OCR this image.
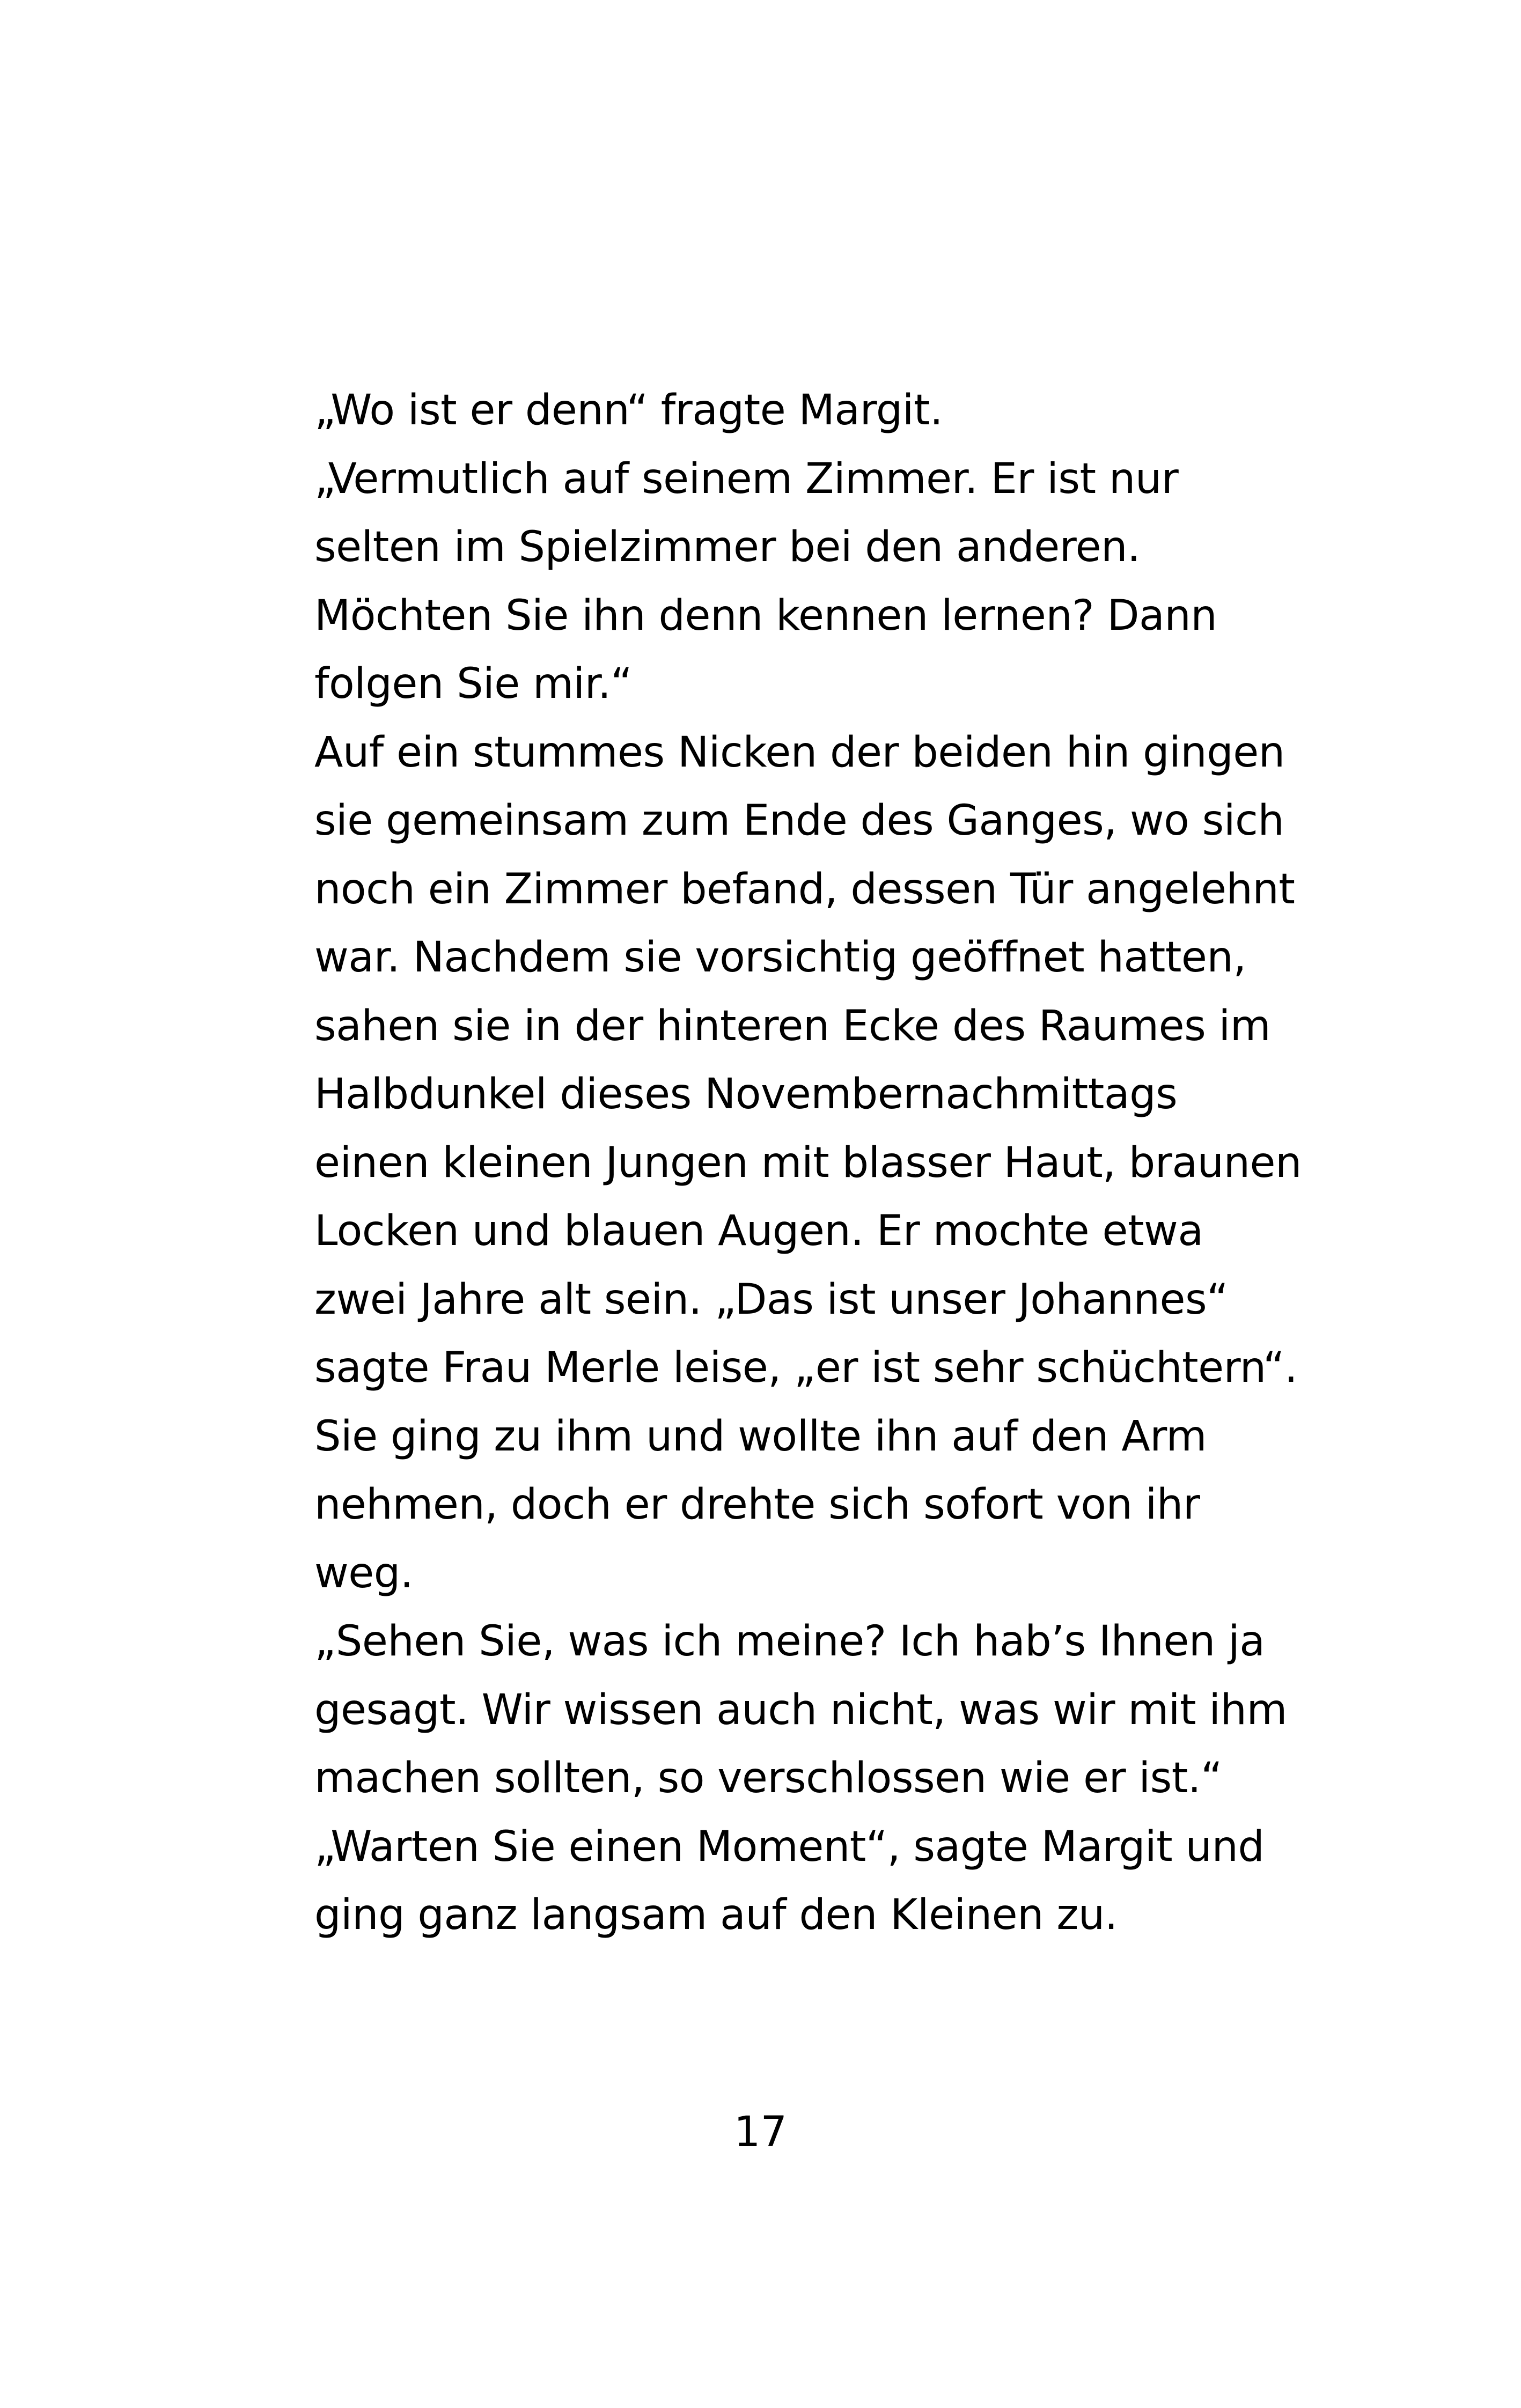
„Wo ist er denn“ fragte Margit.
„Vermutlich auf seinem Zimmer. Er ist nur
selten im Spielzimmer bei den anderen.
Möchten Sie ihn denn kennen lernen? Dann
folgen Sie mir.“
Auf ein stummes Nicken der beiden hin gingen
sie gemeinsam zum Ende des Ganges, wo sich
noch ein Zimmer befand, dessen Tür angelehnt
war. Nachdem sie vorsichtig geöffnet hatten,
sahen sie in der hinteren Ecke des Raumes im
Halbdunkel dieses Novembernachmittags
einen kleinen Jungen mit blasser Haut, braunen
Locken und blauen Augen. Er mochte etwa
zwei Jahre alt sein. „Das ist unser Johannes“
sagte Frau Merle leise, „er ist sehr schüchtern“.
Sie ging zu ihm und wollte ihn auf den Arm
nehmen, doch er drehte sich sofort von ihr
weg.
„Sehen Sie, was ich meine? Ich hab’s Ihnen ja
gesagt. Wir wissen auch nicht, was wir mit ihm
machen sollten, so verschlossen wie er ist.“
„Warten Sie einen Moment“, sagte Margit und
ging ganz langsam auf den Kleinen zu.
17
